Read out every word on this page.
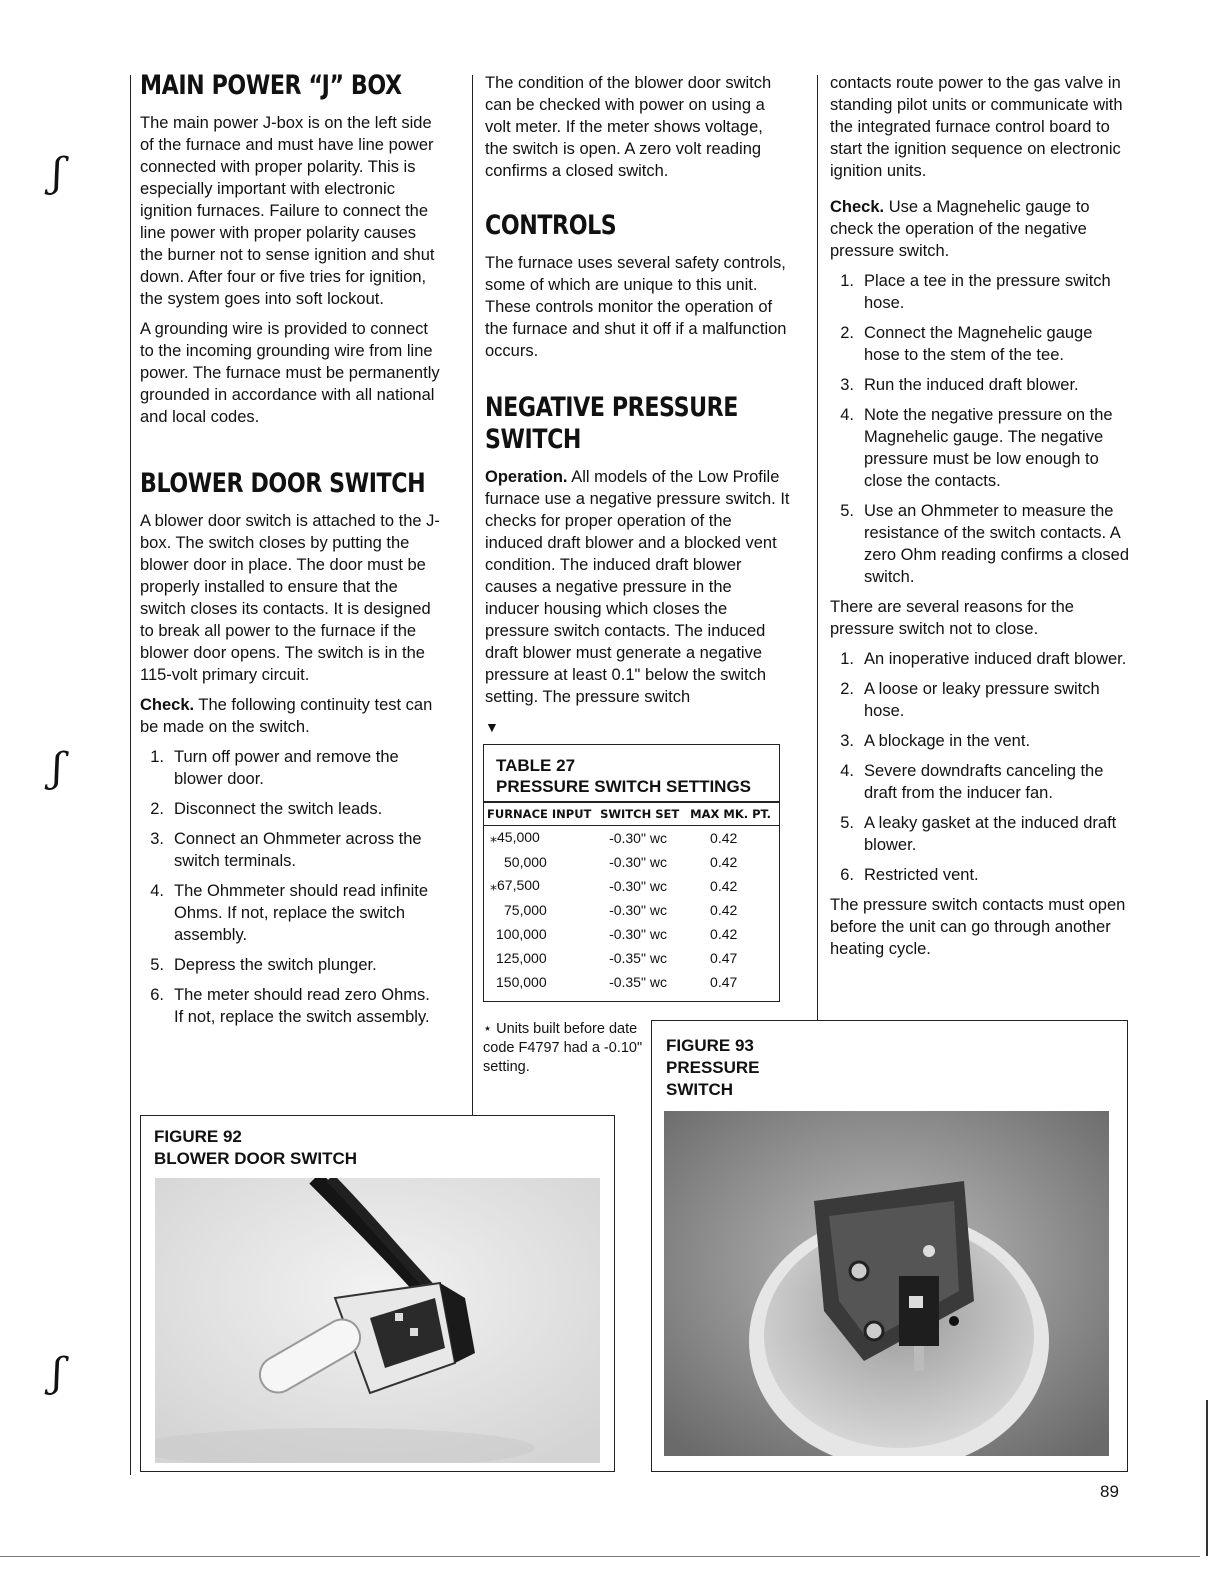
ʃ
ʃ
ʃ
MAIN POWER “J” BOX

The main power J-box is on the left side of the furnace and must have line power connected with proper polarity. This is especially important with electronic ignition furnaces. Failure to connect the line power with proper polarity causes the burner not to sense ignition and shut down. After four or five tries for ignition, the system goes into soft lockout.

A grounding wire is provided to connect to the incoming grounding wire from line power. The furnace must be permanently grounded in accordance with all national and local codes.

BLOWER DOOR SWITCH

A blower door switch is attached to the J-box. The switch closes by putting the blower door in place. The door must be properly installed to ensure that the switch closes its contacts. It is designed to break all power to the furnace if the blower door opens. The switch is in the 115-volt primary circuit.

Check. The following continuity test can be made on the switch.

1. Turn off power and remove the blower door.
2. Disconnect the switch leads.
3. Connect an Ohmmeter across the switch terminals.
4. The Ohmmeter should read infinite Ohms. If not, replace the switch assembly.
5. Depress the switch plunger.
6. The meter should read zero Ohms. If not, replace the switch assembly.

The condition of the blower door switch can be checked with power on using a volt meter. If the meter shows voltage, the switch is open. A zero volt reading confirms a closed switch.

CONTROLS

The furnace uses several safety controls, some of which are unique to this unit. These controls monitor the operation of the furnace and shut it off if a malfunction occurs.

NEGATIVE PRESSURE SWITCH

Operation. All models of the Low Profile furnace use a negative pressure switch. It checks for proper operation of the induced draft blower and a blocked vent condition. The induced draft blower causes a negative pressure in the inducer housing which closes the pressure switch contacts. The induced draft blower must generate a negative pressure at least 0.1" below the switch setting. The pressure switch

▼
TABLE 27
PRESSURE SWITCH SETTINGS
FURNACE INPUT	SWITCH SET	MAX MK. PT.
⁎45,000	-0.30" wc	0.42
50,000	-0.30" wc	0.42
⁎67,500	-0.30" wc	0.42
75,000	-0.30" wc	0.42
100,000	-0.30" wc	0.42
125,000	-0.35" wc	0.47
150,000	-0.35" wc	0.47
⋆ Units built before date code F4797 had a -0.10" setting.

contacts route power to the gas valve in standing pilot units or communicate with the integrated furnace control board to start the ignition sequence on electronic ignition units.

Check. Use a Magnehelic gauge to check the operation of the negative pressure switch.

1. Place a tee in the pressure switch hose.
2. Connect the Magnehelic gauge hose to the stem of the tee.
3. Run the induced draft blower.
4. Note the negative pressure on the Magnehelic gauge. The negative pressure must be low enough to close the contacts.
5. Use an Ohmmeter to measure the resistance of the switch contacts. A zero Ohm reading confirms a closed switch.

There are several reasons for the pressure switch not to close.

1. An inoperative induced draft blower.
2. A loose or leaky pressure switch hose.
3. A blockage in the vent.
4. Severe downdrafts canceling the draft from the inducer fan.
5. A leaky gasket at the induced draft blower.
6. Restricted vent.

The pressure switch contacts must open before the unit can go through another heating cycle.

FIGURE 92
BLOWER DOOR SWITCH
FIGURE 93
PRESSURE
SWITCH
89
